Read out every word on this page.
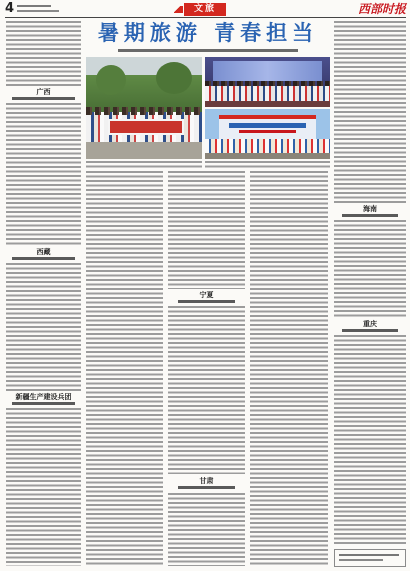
4	文旅	西部时报
暑期旅游 青春担当
广西
西藏
新疆生产建设兵团
宁夏
甘肃
海南
重庆
